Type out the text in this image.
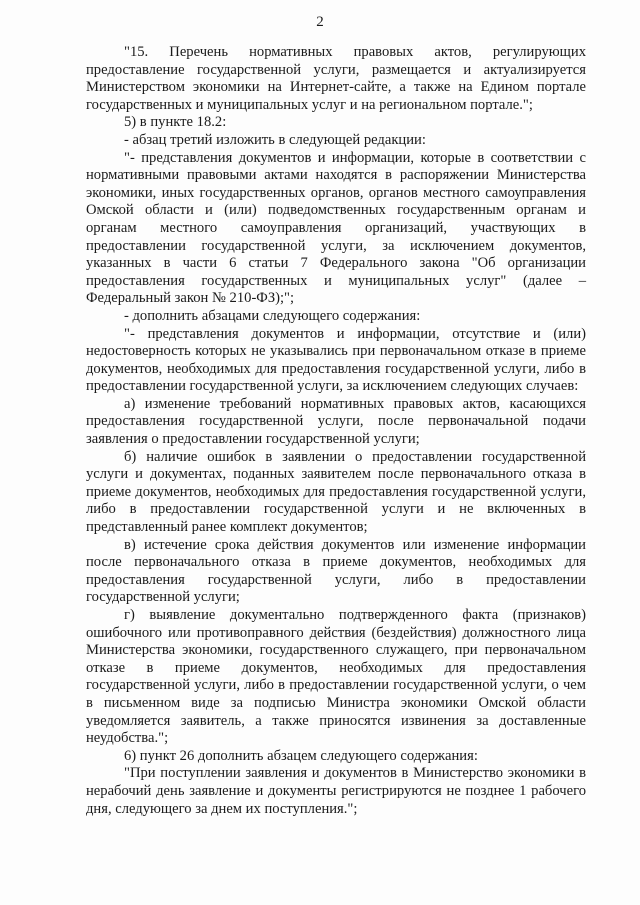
2

"15. Перечень нормативных правовых актов, регулирующих предоставление государственной услуги, размещается и актуализируется Министерством экономики на Интернет-сайте, а также на Едином портале государственных и муниципальных услуг и на региональном портале.";

5) в пункте 18.2:

- абзац третий изложить в следующей редакции:

"- представления документов и информации, которые в соответствии с нормативными правовыми актами находятся в распоряжении Министерства экономики, иных государственных органов, органов местного самоуправления Омской области и (или) подведомственных государственным органам и органам местного самоуправления организаций, участвующих в предоставлении государственной услуги, за исключением документов, указанных в части 6 статьи 7 Федерального закона "Об организации предоставления государственных и муниципальных услуг" (далее – Федеральный закон № 210-ФЗ);";

- дополнить абзацами следующего содержания:

"- представления документов и информации, отсутствие и (или) недостоверность которых не указывались при первоначальном отказе в приеме документов, необходимых для предоставления государственной услуги, либо в предоставлении государственной услуги, за исключением следующих случаев:

а) изменение требований нормативных правовых актов, касающихся предоставления государственной услуги, после первоначальной подачи заявления о предоставлении государственной услуги;

б) наличие ошибок в заявлении о предоставлении государственной услуги и документах, поданных заявителем после первоначального отказа в приеме документов, необходимых для предоставления государственной услуги, либо в предоставлении государственной услуги и не включенных в представленный ранее комплект документов;

в) истечение срока действия документов или изменение информации после первоначального отказа в приеме документов, необходимых для предоставления государственной услуги, либо в предоставлении государственной услуги;

г) выявление документально подтвержденного факта (признаков) ошибочного или противоправного действия (бездействия) должностного лица Министерства экономики, государственного служащего, при первоначальном отказе в приеме документов, необходимых для предоставления государственной услуги, либо в предоставлении государственной услуги, о чем в письменном виде за подписью Министра экономики Омской области уведомляется заявитель, а также приносятся извинения за доставленные неудобства.";

6) пункт 26 дополнить абзацем следующего содержания:

"При поступлении заявления и документов в Министерство экономики в нерабочий день заявление и документы регистрируются не позднее 1 рабочего дня, следующего за днем их поступления.";
